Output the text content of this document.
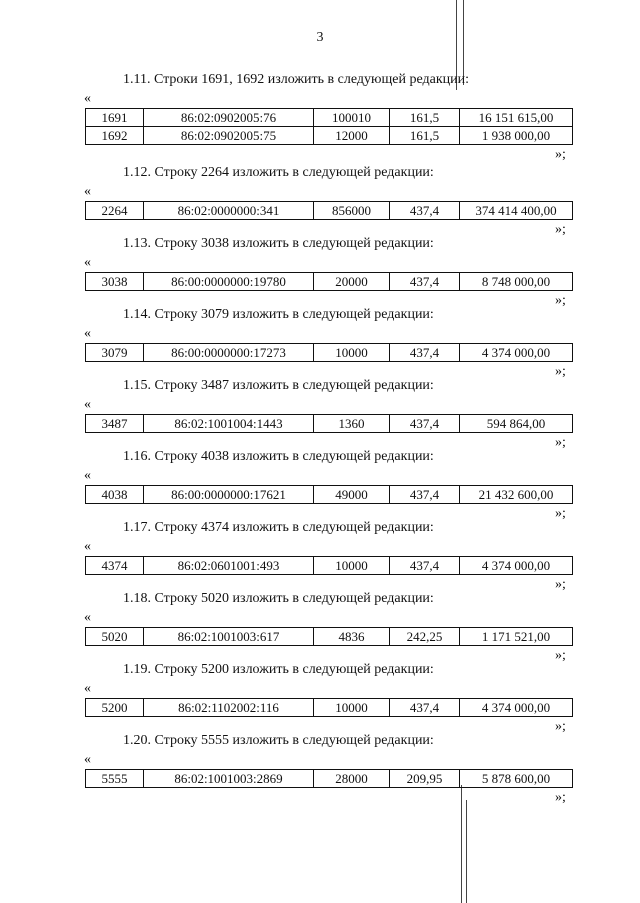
3
1.11. Строки 1691, 1692 изложить в следующей редакции:
«
1691	86:02:0902005:76	100010	161,5	16 151 615,00
1692	86:02:0902005:75	12000	161,5	1 938 000,00
»;
1.12. Строку 2264 изложить в следующей редакции:
«
2264	86:02:0000000:341	856000	437,4	374 414 400,00
»;
1.13. Строку 3038 изложить в следующей редакции:
«
3038	86:00:0000000:19780	20000	437,4	8 748 000,00
»;
1.14. Строку 3079 изложить в следующей редакции:
«
3079	86:00:0000000:17273	10000	437,4	4 374 000,00
»;
1.15. Строку 3487 изложить в следующей редакции:
«
3487	86:02:1001004:1443	1360	437,4	594 864,00
»;
1.16. Строку 4038 изложить в следующей редакции:
«
4038	86:00:0000000:17621	49000	437,4	21 432 600,00
»;
1.17. Строку 4374 изложить в следующей редакции:
«
4374	86:02:0601001:493	10000	437,4	4 374 000,00
»;
1.18. Строку 5020 изложить в следующей редакции:
«
5020	86:02:1001003:617	4836	242,25	1 171 521,00
»;
1.19. Строку 5200 изложить в следующей редакции:
«
5200	86:02:1102002:116	10000	437,4	4 374 000,00
»;
1.20. Строку 5555 изложить в следующей редакции:
«
5555	86:02:1001003:2869	28000	209,95	5 878 600,00
»;
